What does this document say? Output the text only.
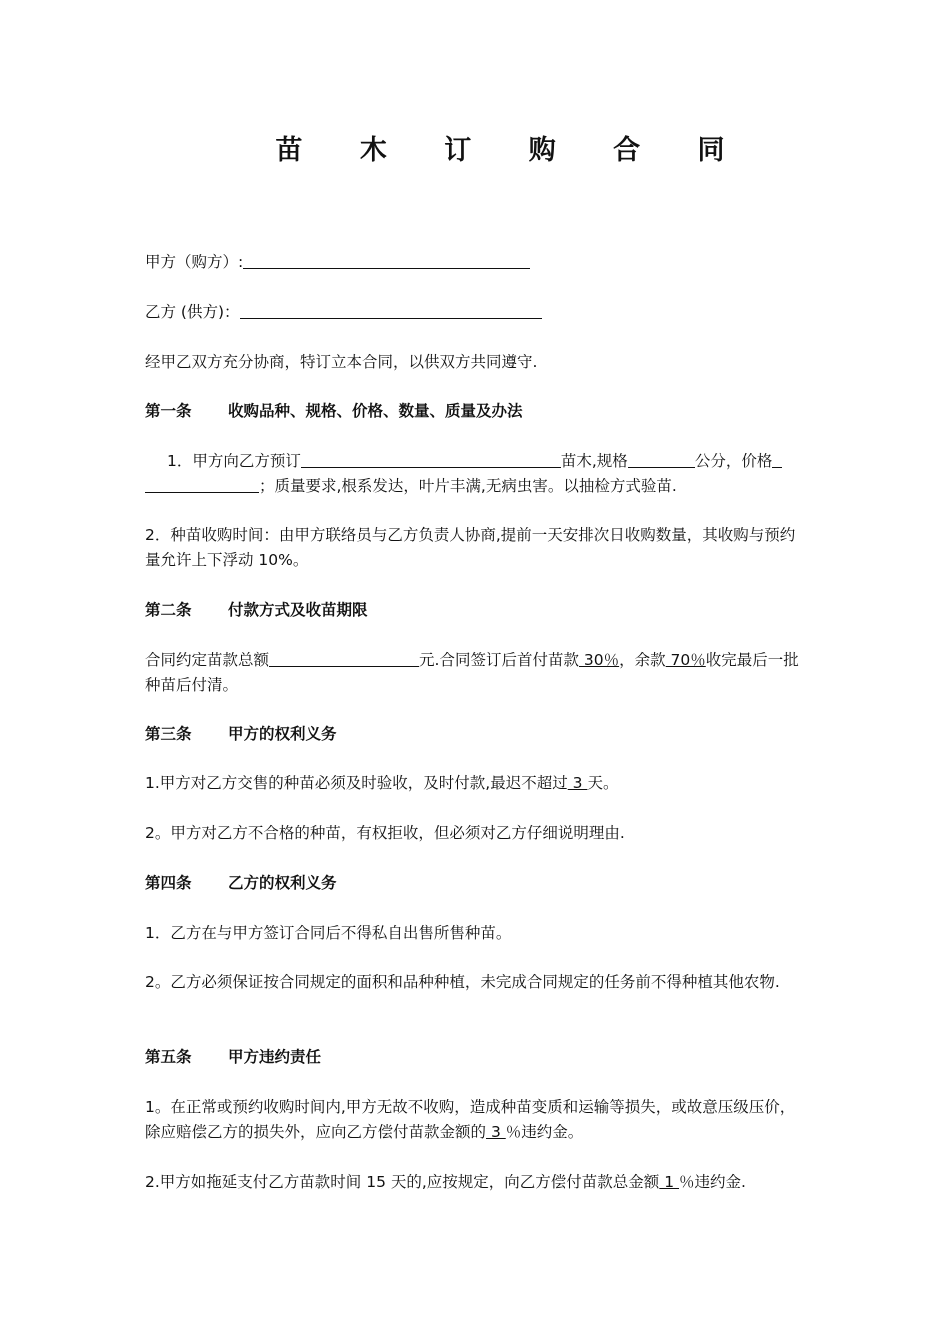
苗 木 订 购 合 同
甲方（购方）:
乙方 (供方)：
经甲乙双方充分协商，特订立本合同，以供双方共同遵守.
第一条 收购品种、规格、价格、数量、质量及办法
1．甲方向乙方预订	苗木,规格	公分，价格
；质量要求,根系发达，叶片丰满,无病虫害。以抽检方式验苗.
2．种苗收购时间：由甲方联络员与乙方负责人协商,提前一天安排次日收购数量，其收购与预约量允许上下浮动 10%。
第二条 付款方式及收苗期限
合同约定苗款总额	元.合同签订后首付苗款 30％，余款 70％收完最后一批种苗后付清。
第三条 甲方的权利义务
1.甲方对乙方交售的种苗必须及时验收，及时付款,最迟不超过 3 天。
2。甲方对乙方不合格的种苗，有权拒收，但必须对乙方仔细说明理由.
第四条 乙方的权利义务
1．乙方在与甲方签订合同后不得私自出售所售种苗。
2。乙方必须保证按合同规定的面积和品种种植，未完成合同规定的任务前不得种植其他农物.
第五条 甲方违约责任
1。在正常或预约收购时间内,甲方无故不收购，造成种苗变质和运输等损失，或故意压级压价，除应赔偿乙方的损失外，应向乙方偿付苗款金额的 3 ％违约金。
2.甲方如拖延支付乙方苗款时间 15 天的,应按规定，向乙方偿付苗款总金额 1 ％违约金.
